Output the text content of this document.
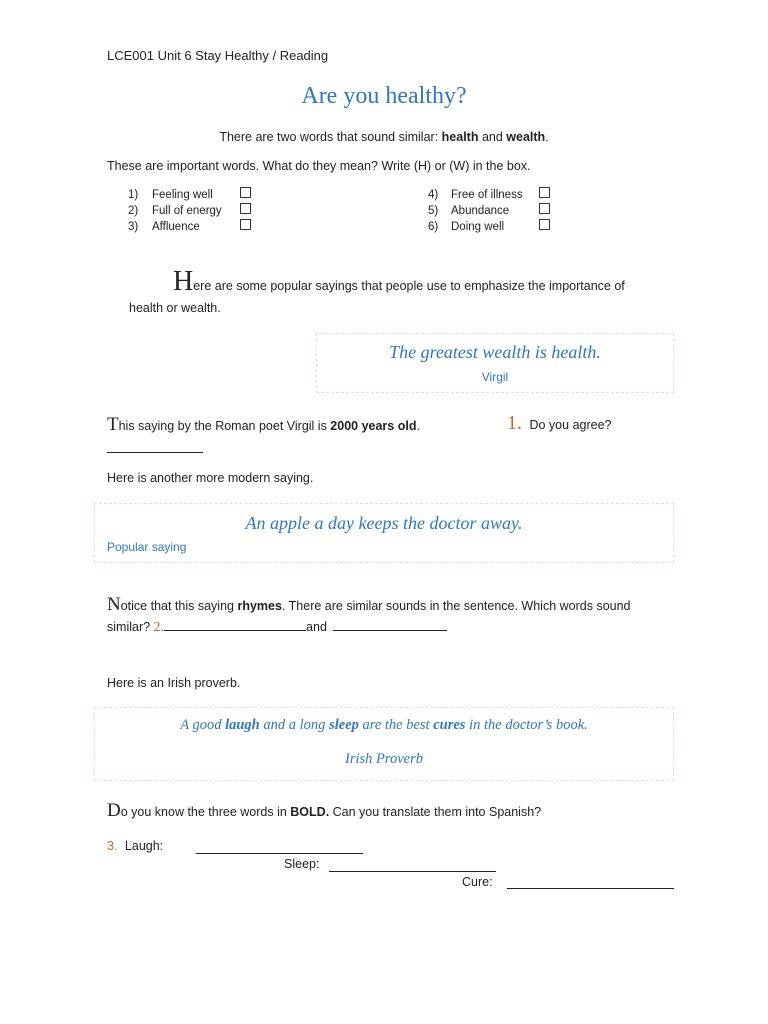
LCE001 Unit 6 Stay Healthy / Reading
Are you healthy?
There are two words that sound similar: health and wealth.
These are important words. What do they mean? Write (H) or (W) in the box.
1) Feeling well
2) Full of energy
3) Affluence
4) Free of illness
5) Abundance
6) Doing well
Here are some popular sayings that people use to emphasize the importance of
health or wealth.
The greatest wealth is health.
Virgil
This saying by the Roman poet Virgil is 2000 years old.	1. Do you agree?
Here is another more modern saying.
An apple a day keeps the doctor away.
Popular saying
Notice that this saying rhymes. There are similar sounds in the sentence. Which words sound
similar? 2.	and
Here is an Irish proverb.
A good laugh and a long sleep are the best cures in the doctor’s book.
Irish Proverb
Do you know the three words in BOLD. Can you translate them into Spanish?
3. Laugh:
Sleep:
Cure:
